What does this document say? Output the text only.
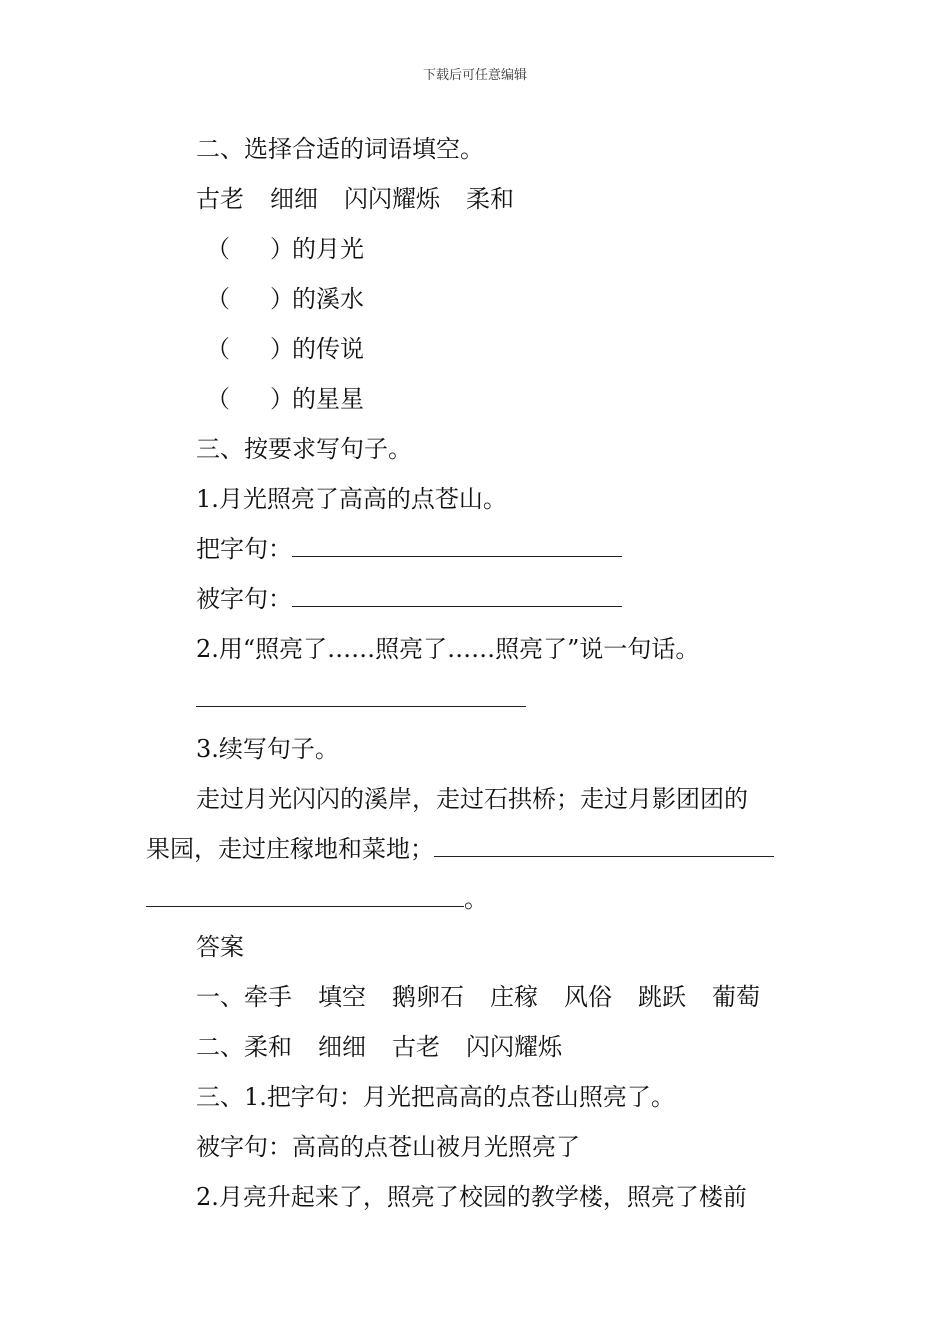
下载后可任意编辑
二、选择合适的词语填空。
古老 细细 闪闪耀烁 柔和
（ ）
的月光
（ ）
的溪水
（ ）
的传说
（ ）
的星星
三、按要求写句子。
1.月光照亮了高高的点苍山。
把字句：
被字句：
2.用“照亮了……照亮了……照亮了”说一句话。
3.续写句子。
走过月光闪闪的溪岸，走过石拱桥；走过月影团团的
果园，走过庄稼地和菜地；
。
答案
一、牵手 填空 鹅卵石 庄稼 风俗 跳跃 葡萄
二、柔和 细细 古老 闪闪耀烁
三、1.把字句：月光把高高的点苍山照亮了。
被字句：高高的点苍山被月光照亮了
2.月亮升起来了，照亮了校园的教学楼，照亮了楼前
